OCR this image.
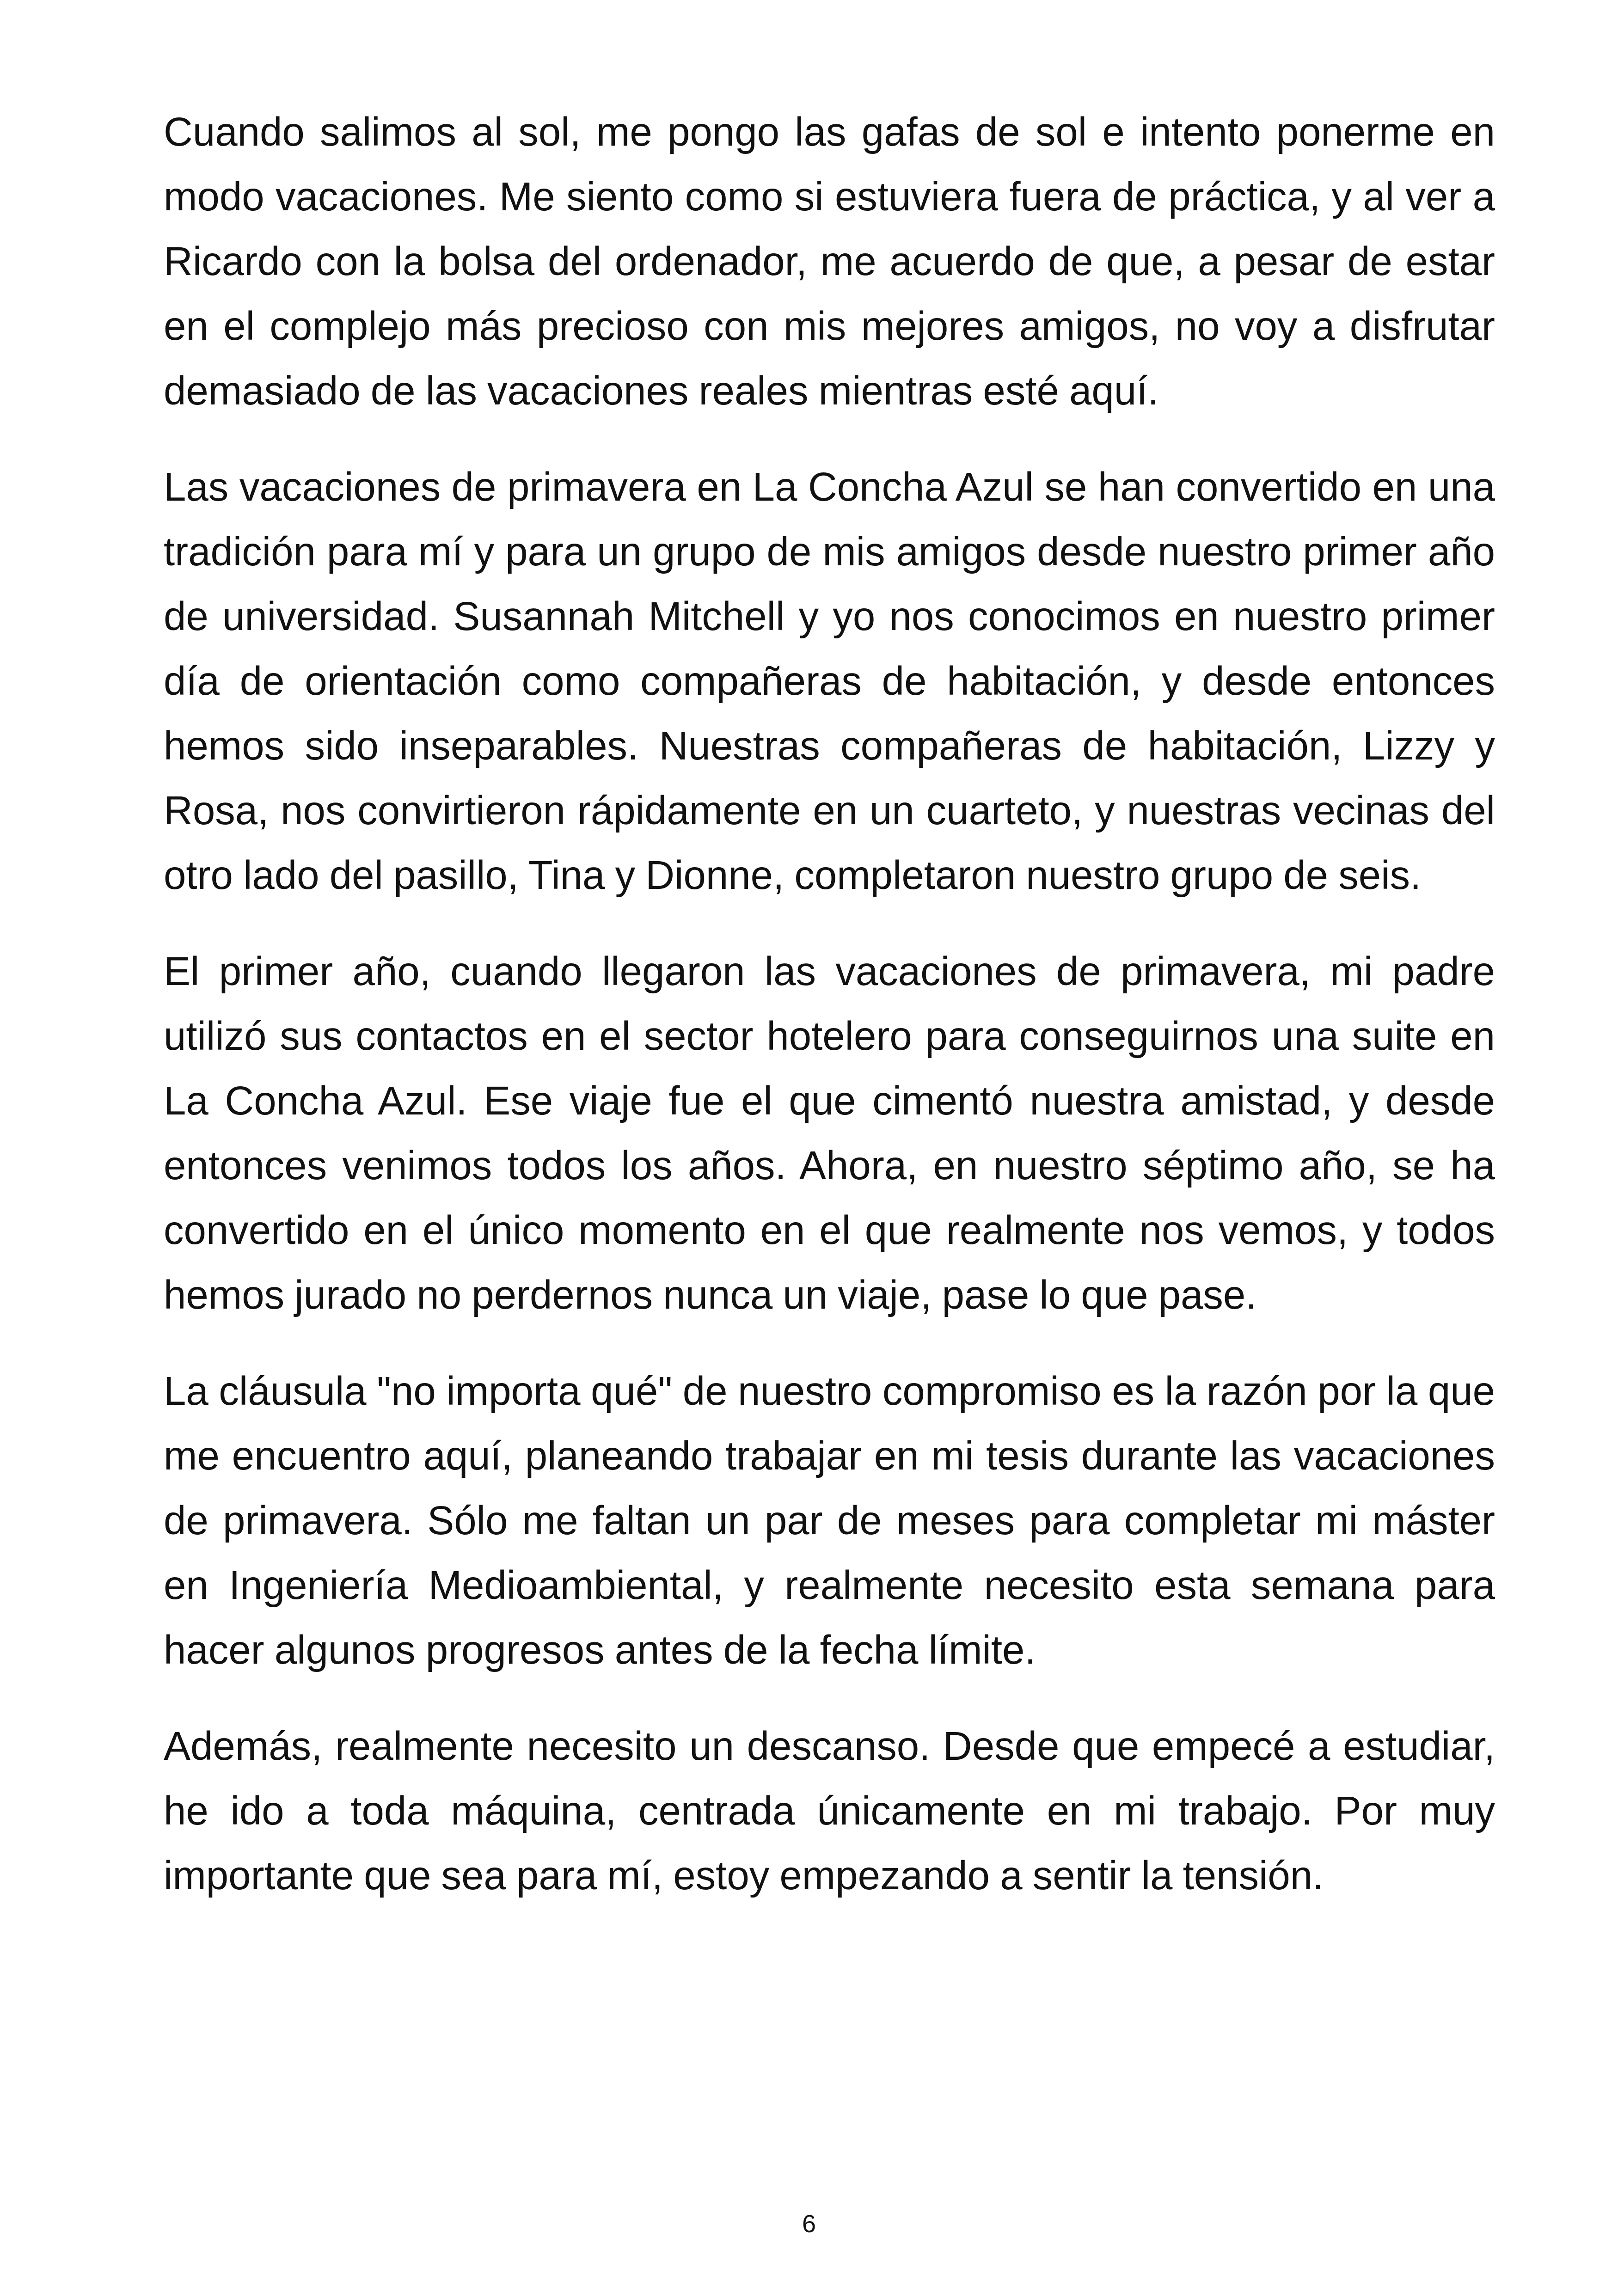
Cuando salimos al sol, me pongo las gafas de sol e intento ponerme en modo vacaciones. Me siento como si estuviera fuera de práctica, y al ver a Ricardo con la bolsa del ordenador, me acuerdo de que, a pesar de estar en el complejo más precioso con mis mejores amigos, no voy a disfrutar demasiado de las vacaciones reales mientras esté aquí.

Las vacaciones de primavera en La Concha Azul se han convertido en una tradición para mí y para un grupo de mis amigos desde nuestro primer año de universidad. Susannah Mitchell y yo nos conocimos en nuestro primer día de orientación como compañeras de habitación, y desde entonces hemos sido inseparables. Nuestras compañeras de habitación, Lizzy y Rosa, nos convirtieron rápidamente en un cuarteto, y nuestras vecinas del otro lado del pasillo, Tina y Dionne, completaron nuestro grupo de seis.

El primer año, cuando llegaron las vacaciones de primavera, mi padre utilizó sus contactos en el sector hotelero para conseguirnos una suite en La Concha Azul. Ese viaje fue el que cimentó nuestra amistad, y desde entonces venimos todos los años. Ahora, en nuestro séptimo año, se ha convertido en el único momento en el que realmente nos vemos, y todos hemos jurado no perdernos nunca un viaje, pase lo que pase.

La cláusula "no importa qué" de nuestro compromiso es la razón por la que me encuentro aquí, planeando trabajar en mi tesis durante las vacaciones de primavera. Sólo me faltan un par de meses para completar mi máster en Ingeniería Medioambiental, y realmente necesito esta semana para hacer algunos progresos antes de la fecha límite.

Además, realmente necesito un descanso. Desde que empecé a estudiar, he ido a toda máquina, centrada únicamente en mi trabajo. Por muy importante que sea para mí, estoy empezando a sentir la tensión.

6
